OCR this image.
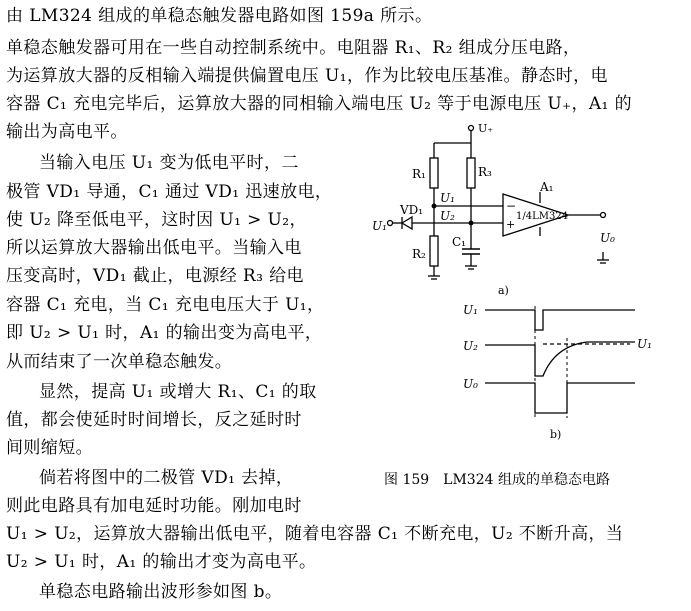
由 LM324 组成的单稳态触发器电路如图 159a 所示。
单稳态触发器可用在一些自动控制系统中。电阻器 R₁、R₂ 组成分压电路，
为运算放大器的反相输入端提供偏置电压 U₁，作为比较电压基准。静态时，电
容器 C₁ 充电完毕后，运算放大器的同相输入端电压 U₂ 等于电源电压 U₊，A₁ 的
输出为高电平。
当输入电压 U₁ 变为低电平时，二
极管 VD₁ 导通，C₁ 通过 VD₁ 迅速放电，
使 U₂ 降至低电平，这时因 U₁ > U₂，
所以运算放大器输出低电平。当输入电
压变高时，VD₁ 截止，电源经 R₃ 给电
容器 C₁ 充电，当 C₁ 充电电压大于 U₁，
即 U₂ > U₁ 时，A₁ 的输出变为高电平，
从而结束了一次单稳态触发。
显然，提高 U₁ 或增大 R₁、C₁ 的取
值，都会使延时时间增长，反之延时时
间则缩短。
倘若将图中的二极管 VD₁ 去掉，
则此电路具有加电延时功能。刚加电时
U₁ > U₂，运算放大器输出低电平，随着电容器 C₁ 不断充电，U₂ 不断升高，当
U₂ > U₁ 时，A₁ 的输出才变为高电平。
单稳态电路输出波形参如图 b。
图 159　LM324 组成的单稳态电路
U₊
R₁	R₃
U₁
U₂
U₁
VD₁
R₂
C₁
−
+
1/4LM324
A₁
U₀
a)
U₁
U₂	U₁
U₀
b)
